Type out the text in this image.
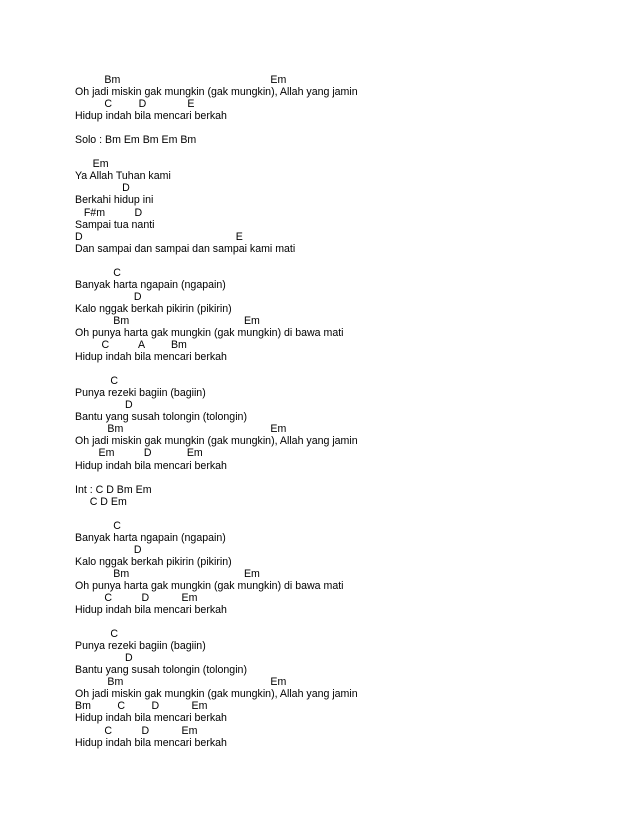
Bm                                                   Em
Oh jadi miskin gak mungkin (gak mungkin), Allah yang jamin
C         D              E
Hidup indah bila mencari berkah
Solo : Bm Em Bm Em Bm
Em
Ya Allah Tuhan kami
D
Berkahi hidup ini
F#m          D
Sampai tua nanti
D                                                    E
Dan sampai dan sampai dan sampai kami mati
C
Banyak harta ngapain (ngapain)
D
Kalo nggak berkah pikirin (pikirin)
Bm                                       Em
Oh punya harta gak mungkin (gak mungkin) di bawa mati
C          A         Bm
Hidup indah bila mencari berkah
C
Punya rezeki bagiin (bagiin)
D
Bantu yang susah tolongin (tolongin)
Bm                                                  Em
Oh jadi miskin gak mungkin (gak mungkin), Allah yang jamin
Em          D            Em
Hidup indah bila mencari berkah
Int : C D Bm Em
C D Em
C
Banyak harta ngapain (ngapain)
D
Kalo nggak berkah pikirin (pikirin)
Bm                                       Em
Oh punya harta gak mungkin (gak mungkin) di bawa mati
C          D           Em
Hidup indah bila mencari berkah
C
Punya rezeki bagiin (bagiin)
D
Bantu yang susah tolongin (tolongin)
Bm                                                  Em
Oh jadi miskin gak mungkin (gak mungkin), Allah yang jamin
Bm         C         D           Em
Hidup indah bila mencari berkah
C          D           Em
Hidup indah bila mencari berkah
